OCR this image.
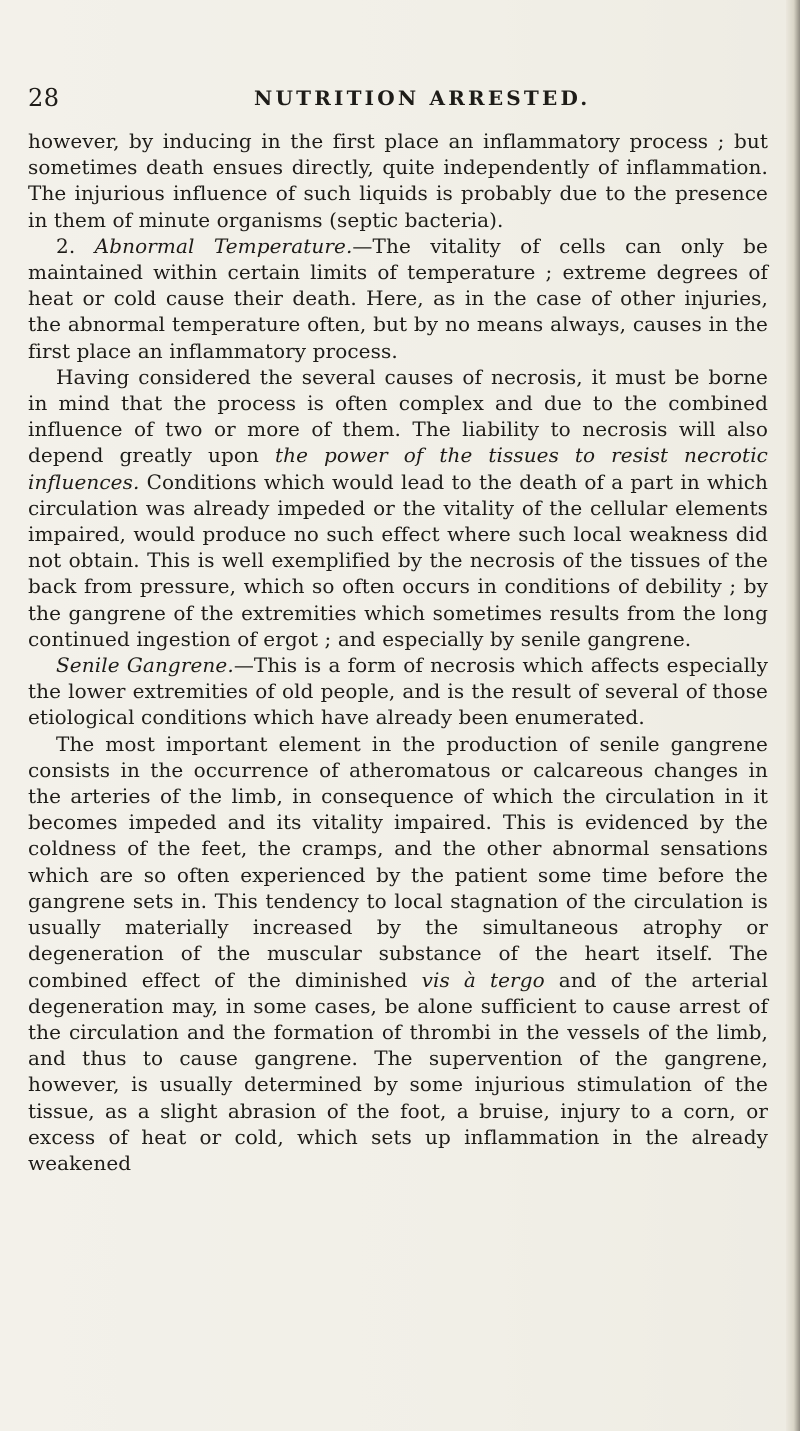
28	NUTRITION ARRESTED.

however, by inducing in the first place an inflammatory process ; but sometimes death ensues directly, quite independently of inflammation. The injurious influence of such liquids is probably due to the presence in them of minute organisms (septic bacteria).

2. Abnormal Temperature.—The vitality of cells can only be maintained within certain limits of temperature ; extreme degrees of heat or cold cause their death. Here, as in the case of other injuries, the abnormal temperature often, but by no means always, causes in the first place an inflammatory process.

Having considered the several causes of necrosis, it must be borne in mind that the process is often complex and due to the combined influence of two or more of them. The liability to necrosis will also depend greatly upon the power of the tissues to resist necrotic influences. Conditions which would lead to the death of a part in which circulation was already impeded or the vitality of the cellular elements impaired, would produce no such effect where such local weakness did not obtain. This is well exemplified by the necrosis of the tissues of the back from pressure, which so often occurs in conditions of debility ; by the gangrene of the extremities which sometimes results from the long continued ingestion of ergot ; and especially by senile gangrene.

Senile Gangrene.—This is a form of necrosis which affects especially the lower extremities of old people, and is the result of several of those etiological conditions which have already been enumerated.

The most important element in the production of senile gangrene consists in the occurrence of atheromatous or calcareous changes in the arteries of the limb, in consequence of which the circulation in it becomes impeded and its vitality impaired. This is evidenced by the coldness of the feet, the cramps, and the other abnormal sensations which are so often experienced by the patient some time before the gangrene sets in. This tendency to local stagnation of the circulation is usually materially increased by the simultaneous atrophy or degeneration of the muscular substance of the heart itself. The combined effect of the diminished vis à tergo and of the arterial degeneration may, in some cases, be alone sufficient to cause arrest of the circulation and the formation of thrombi in the vessels of the limb, and thus to cause gangrene. The supervention of the gangrene, however, is usually determined by some injurious stimulation of the tissue, as a slight abrasion of the foot, a bruise, injury to a corn, or excess of heat or cold, which sets up inflammation in the already weakened
